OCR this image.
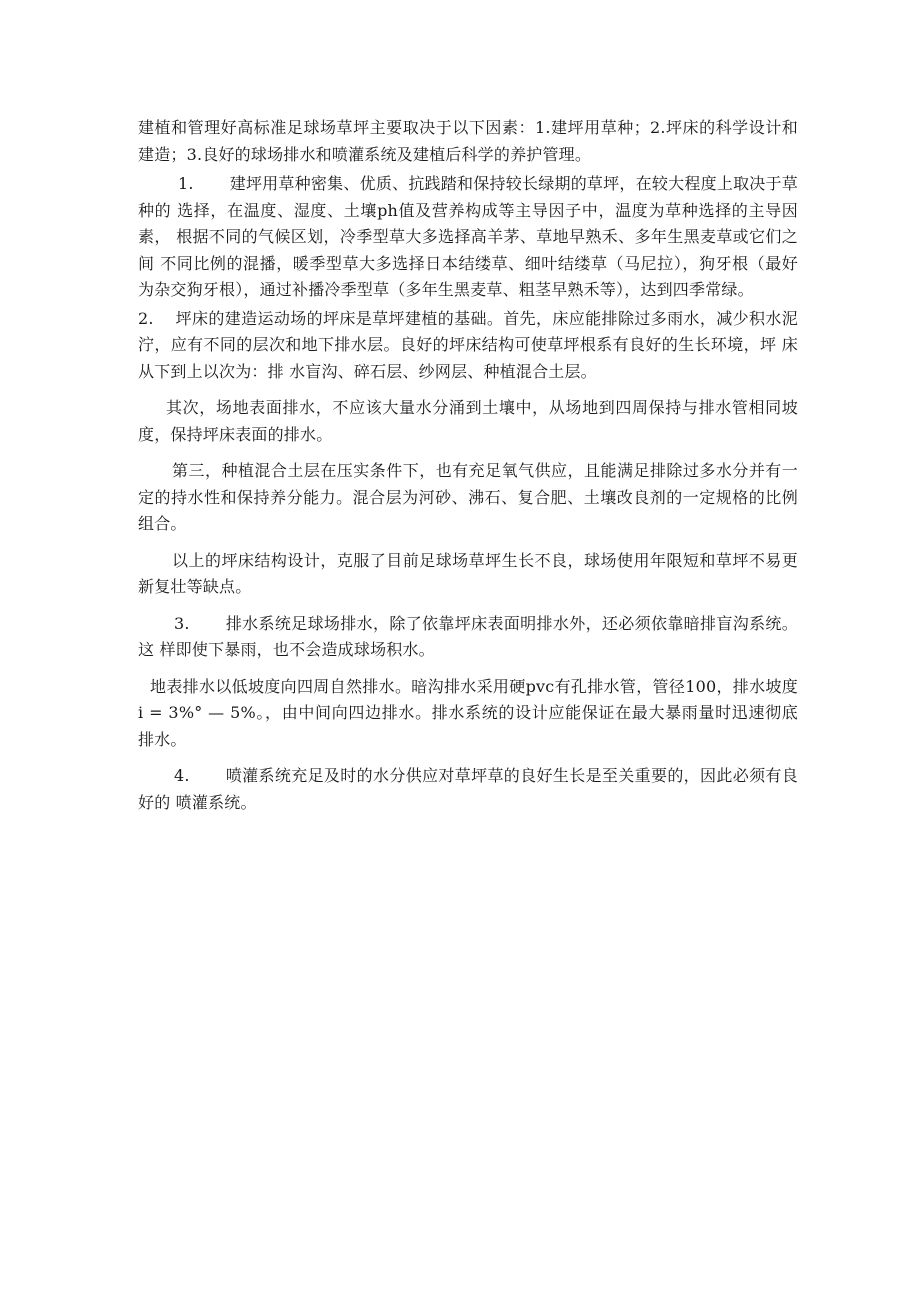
建植和管理好高标准足球场草坪主要取决于以下因素：1.建坪用草种；2.坪床的科学设计和建造；3.良好的球场排水和喷灌系统及建植后科学的养护管理。

1. 建坪用草种密集、优质、抗践踏和保持较长绿期的草坪，在较大程度上取决于草种的 选择，在温度、湿度、土壤ph值及营养构成等主导因子中，温度为草种选择的主导因素， 根据不同的气候区划，冷季型草大多选择高羊茅、草地早熟禾、多年生黑麦草或它们之间 不同比例的混播，暖季型草大多选择日本结缕草、细叶结缕草（马尼拉），狗牙根（最好 为杂交狗牙根），通过补播冷季型草（多年生黑麦草、粗茎早熟禾等），达到四季常绿。

2. 坪床的建造运动场的坪床是草坪建植的基础。首先，床应能排除过多雨水，减少积水泥 泞，应有不同的层次和地下排水层。良好的坪床结构可使草坪根系有良好的生长环境，坪 床从下到上以次为：排 水盲沟、碎石层、纱网层、种植混合土层。

其次，场地表面排水，不应该大量水分涌到土壤中，从场地到四周保持与排水管相同坡度，保持坪床表面的排水。

第三，种植混合土层在压实条件下，也有充足氧气供应，且能满足排除过多水分并有一定的持水性和保持养分能力。混合层为河砂、沸石、复合肥、土壤改良剂的一定规格的比例组合。

以上的坪床结构设计，克服了目前足球场草坪生长不良，球场使用年限短和草坪不易更新复壮等缺点。

3. 排水系统足球场排水，除了依靠坪床表面明排水外，还必须依靠暗排盲沟系统。这 样即使下暴雨，也不会造成球场积水。

地表排水以低坡度向四周自然排水。暗沟排水采用硬pvc有孔排水管，管径100，排水坡度i = 3%° — 5%。，由中间向四边排水。排水系统的设计应能保证在最大暴雨量时迅速彻底 排水。

4. 喷灌系统充足及时的水分供应对草坪草的良好生长是至关重要的，因此必须有良好的 喷灌系统。
